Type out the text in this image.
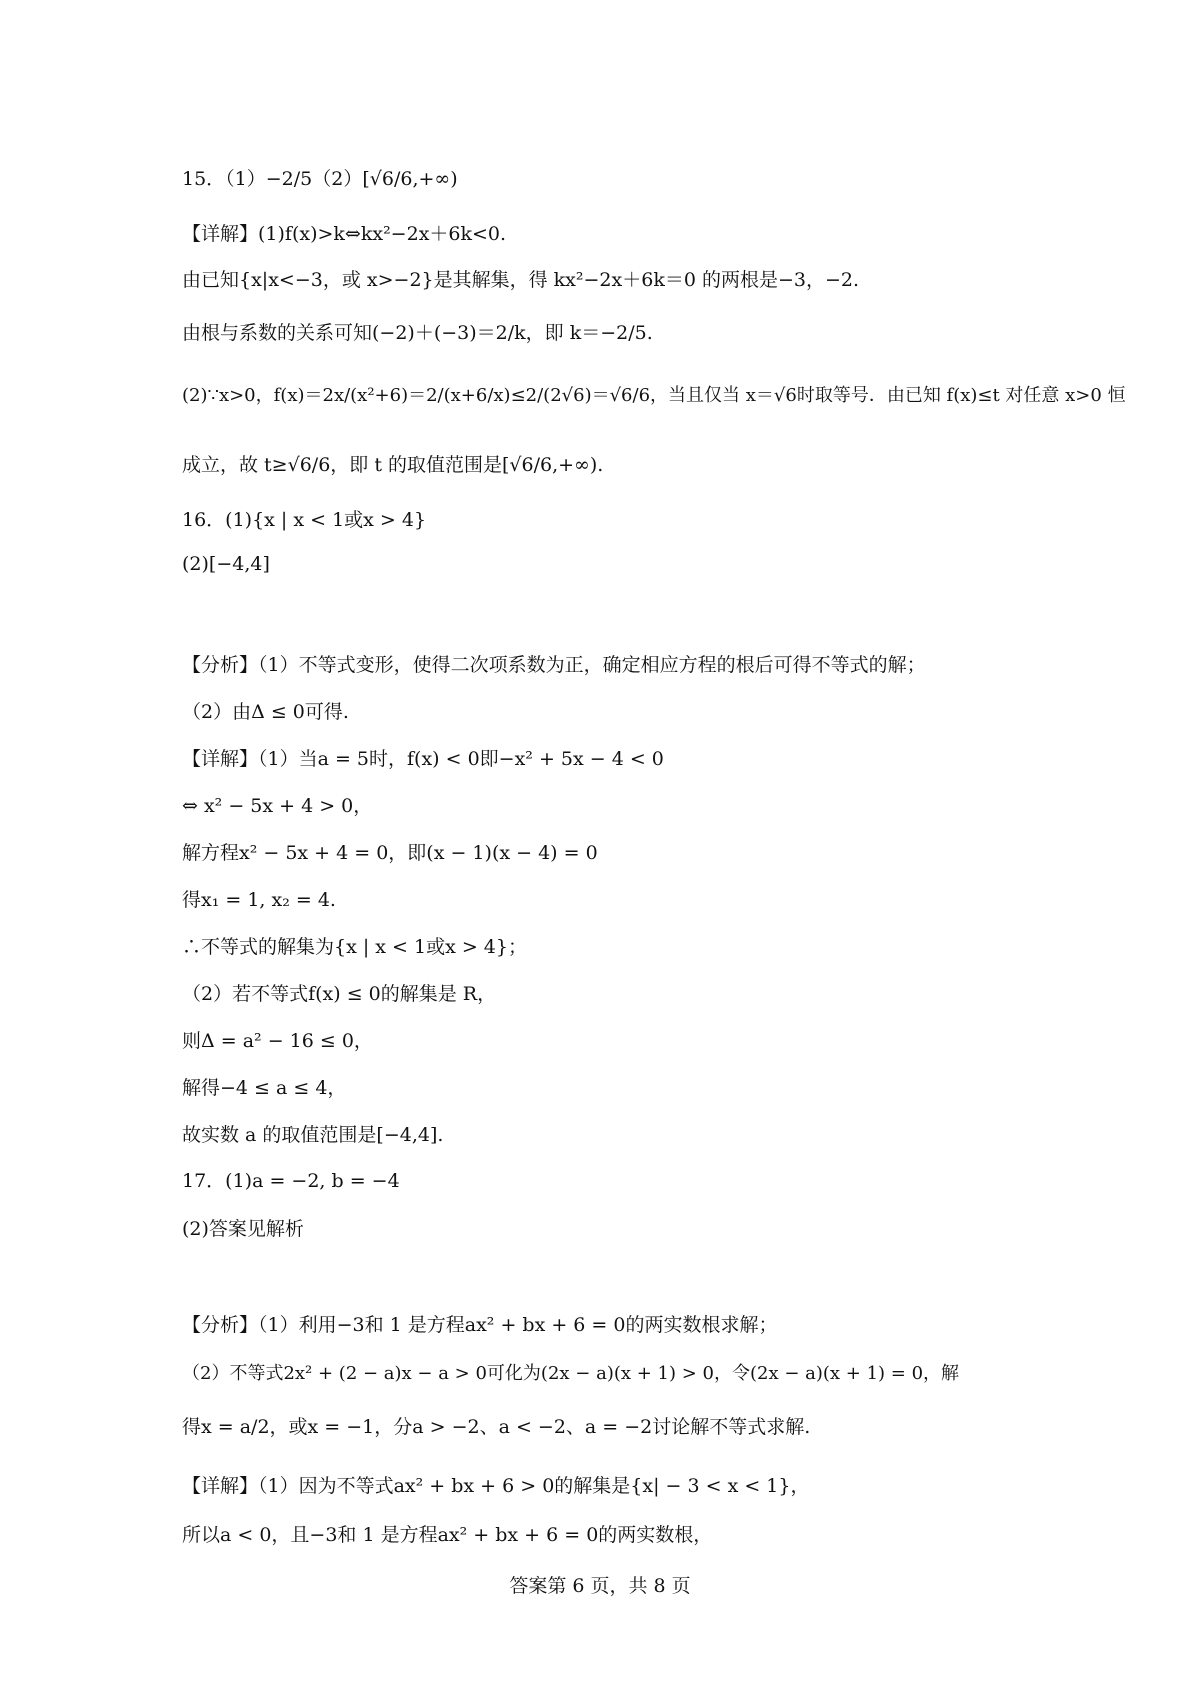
15．（1）−2/5（2）[√6/6,+∞)
【详解】(1)f(x)>k⇔kx²−2x＋6k<0.
由已知{x|x<−3，或 x>−2}是其解集，得 kx²−2x＋6k＝0 的两根是−3，−2.
由根与系数的关系可知(−2)＋(−3)＝2/k，即 k＝−2/5.
(2)∵x>0，f(x)＝2x/(x²+6)＝2/(x+6/x)≤2/(2√6)＝√6/6，当且仅当 x＝√6时取等号．由已知 f(x)≤t 对任意 x>0 恒
成立，故 t≥√6/6，即 t 的取值范围是[√6/6,+∞).
16．(1){x | x < 1或x > 4}
(2)[−4,4]
【分析】（1）不等式变形，使得二次项系数为正，确定相应方程的根后可得不等式的解；
（2）由Δ ≤ 0可得.
【详解】（1）当a = 5时，f(x) < 0即−x² + 5x − 4 < 0
⇔ x² − 5x + 4 > 0，
解方程x² − 5x + 4 = 0，即(x − 1)(x − 4) = 0
得x₁ = 1, x₂ = 4.
∴不等式的解集为{x | x < 1或x > 4}；
（2）若不等式f(x) ≤ 0的解集是 R，
则Δ = a² − 16 ≤ 0，
解得−4 ≤ a ≤ 4，
故实数 a 的取值范围是[−4,4].
17．(1)a = −2, b = −4
(2)答案见解析
【分析】（1）利用−3和 1 是方程ax² + bx + 6 = 0的两实数根求解；
（2）不等式2x² + (2 − a)x − a > 0可化为(2x − a)(x + 1) > 0，令(2x − a)(x + 1) = 0，解
得x = a/2，或x = −1，分a > −2、a < −2、a = −2讨论解不等式求解.
【详解】（1）因为不等式ax² + bx + 6 > 0的解集是{x| − 3 < x < 1}，
所以a < 0，且−3和 1 是方程ax² + bx + 6 = 0的两实数根，
答案第 6 页，共 8 页
